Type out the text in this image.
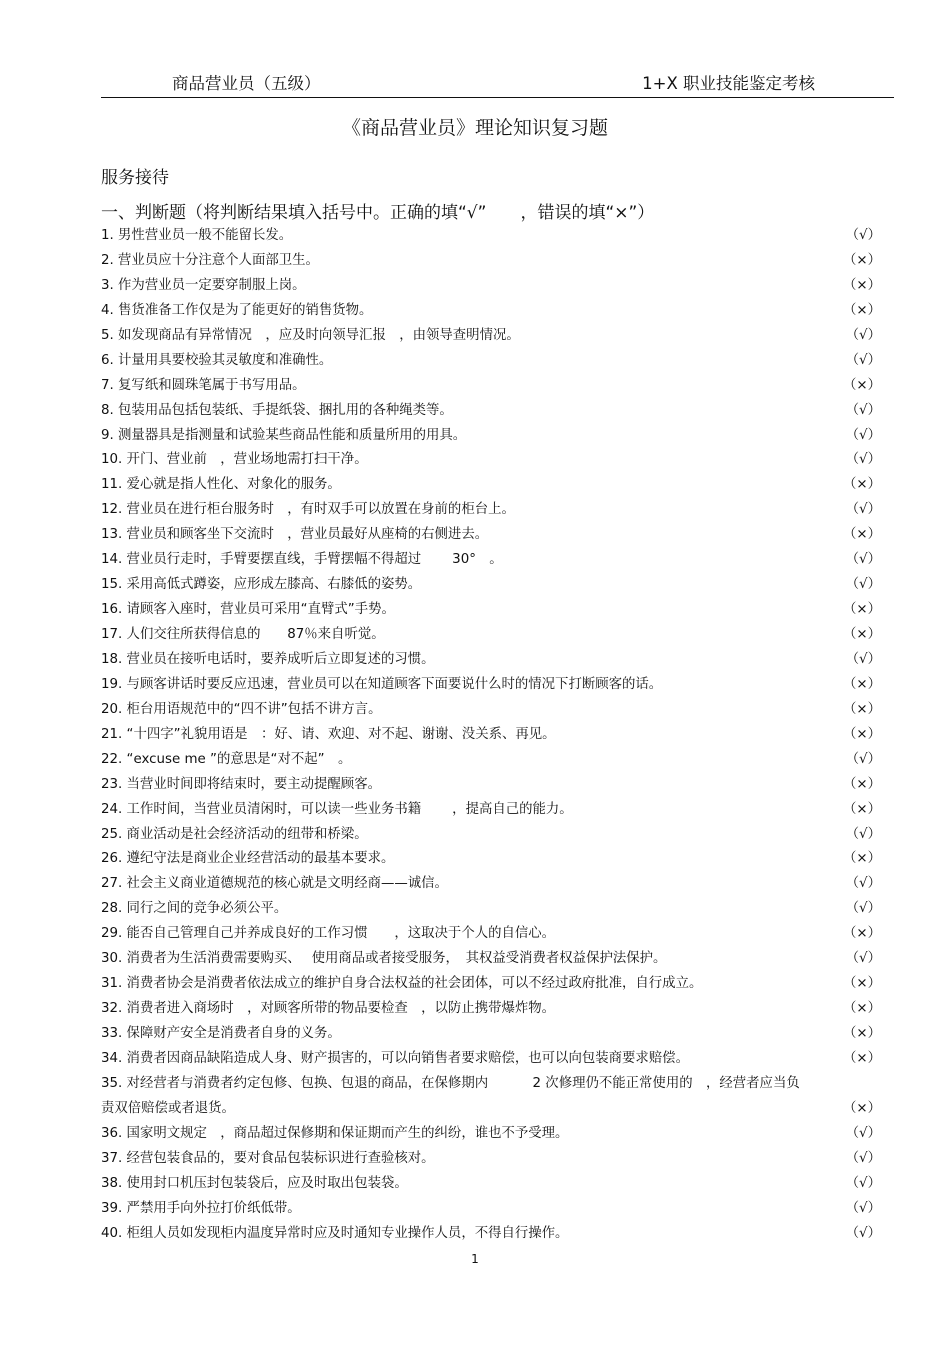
商品营业员（五级）	1+X 职业技能鉴定考核
《商品营业员》理论知识复习题
服务接待
一、判断题（将判断结果填入括号中。正确的填“√”　　，错误的填“×”）
1. 男性营业员一般不能留长发。	（√）
2. 营业员应十分注意个人面部卫生。	（×）
3. 作为营业员一定要穿制服上岗。	（×）
4. 售货准备工作仅是为了能更好的销售货物。	（×）
5. 如发现商品有异常情况　，应及时向领导汇报　，由领导查明情况。	（√）
6. 计量用具要校验其灵敏度和准确性。	（√）
7. 复写纸和圆珠笔属于书写用品。	（×）
8. 包装用品包括包装纸、手提纸袋、捆扎用的各种绳类等。	（√）
9. 测量器具是指测量和试验某些商品性能和质量所用的用具。	（√）
10. 开门、营业前　，营业场地需打扫干净。	（√）
11. 爱心就是指人性化、对象化的服务。	（×）
12. 营业员在进行柜台服务时　，有时双手可以放置在身前的柜台上。	（√）
13. 营业员和顾客坐下交流时　，营业员最好从座椅的右侧进去。	（×）
14. 营业员行走时，手臂要摆直线，手臂摆幅不得超过　　 30°　。	（√）
15. 采用高低式蹲姿，应形成左膝高、右膝低的姿势。	（√）
16. 请顾客入座时，营业员可采用“直臂式”手势。	（×）
17. 人们交往所获得信息的　　87％来自听觉。	（×）
18. 营业员在接听电话时，要养成听后立即复述的习惯。	（√）
19. 与顾客讲话时要反应迅速，营业员可以在知道顾客下面要说什么时的情况下打断顾客的话。	（×）
20. 柜台用语规范中的“四不讲”包括不讲方言。	（×）
21. “十四字”礼貌用语是　：好、请、欢迎、对不起、谢谢、没关系、再见。	（×）
22. “excuse me ”的意思是“对不起”　。	（√）
23. 当营业时间即将结束时，要主动提醒顾客。	（×）
24. 工作时间，当营业员清闲时，可以读一些业务书籍　　 ，提高自己的能力。	（×）
25. 商业活动是社会经济活动的纽带和桥梁。	（√）
26. 遵纪守法是商业企业经营活动的最基本要求。	（×）
27. 社会主义商业道德规范的核心就是文明经商——诚信。	（√）
28. 同行之间的竞争必须公平。	（√）
29. 能否自己管理自己并养成良好的工作习惯　　，这取决于个人的自信心。	（×）
30. 消费者为生活消费需要购买、　 使用商品或者接受服务，　其权益受消费者权益保护法保护。	（√）
31. 消费者协会是消费者依法成立的维护自身合法权益的社会团体，可以不经过政府批准，自行成立。	（×）
32. 消费者进入商场时　，对顾客所带的物品要检查　，以防止携带爆炸物。	（×）
33. 保障财产安全是消费者自身的义务。	（×）
34. 消费者因商品缺陷造成人身、财产损害的，可以向销售者要求赔偿，也可以向包装商要求赔偿。	（×）
35. 对经营者与消费者约定包修、包换、包退的商品，在保修期内　　　 2 次修理仍不能正常使用的　，经营者应当负
责双倍赔偿或者退货。	（×）
36. 国家明文规定　，商品超过保修期和保证期而产生的纠纷，谁也不予受理。	（√）
37. 经营包装食品的，要对食品包装标识进行查验核对。	（√）
38. 使用封口机压封包装袋后，应及时取出包装袋。	（√）
39. 严禁用手向外拉打价纸低带。	（√）
40. 柜组人员如发现柜内温度异常时应及时通知专业操作人员，不得自行操作。	（√）
1
